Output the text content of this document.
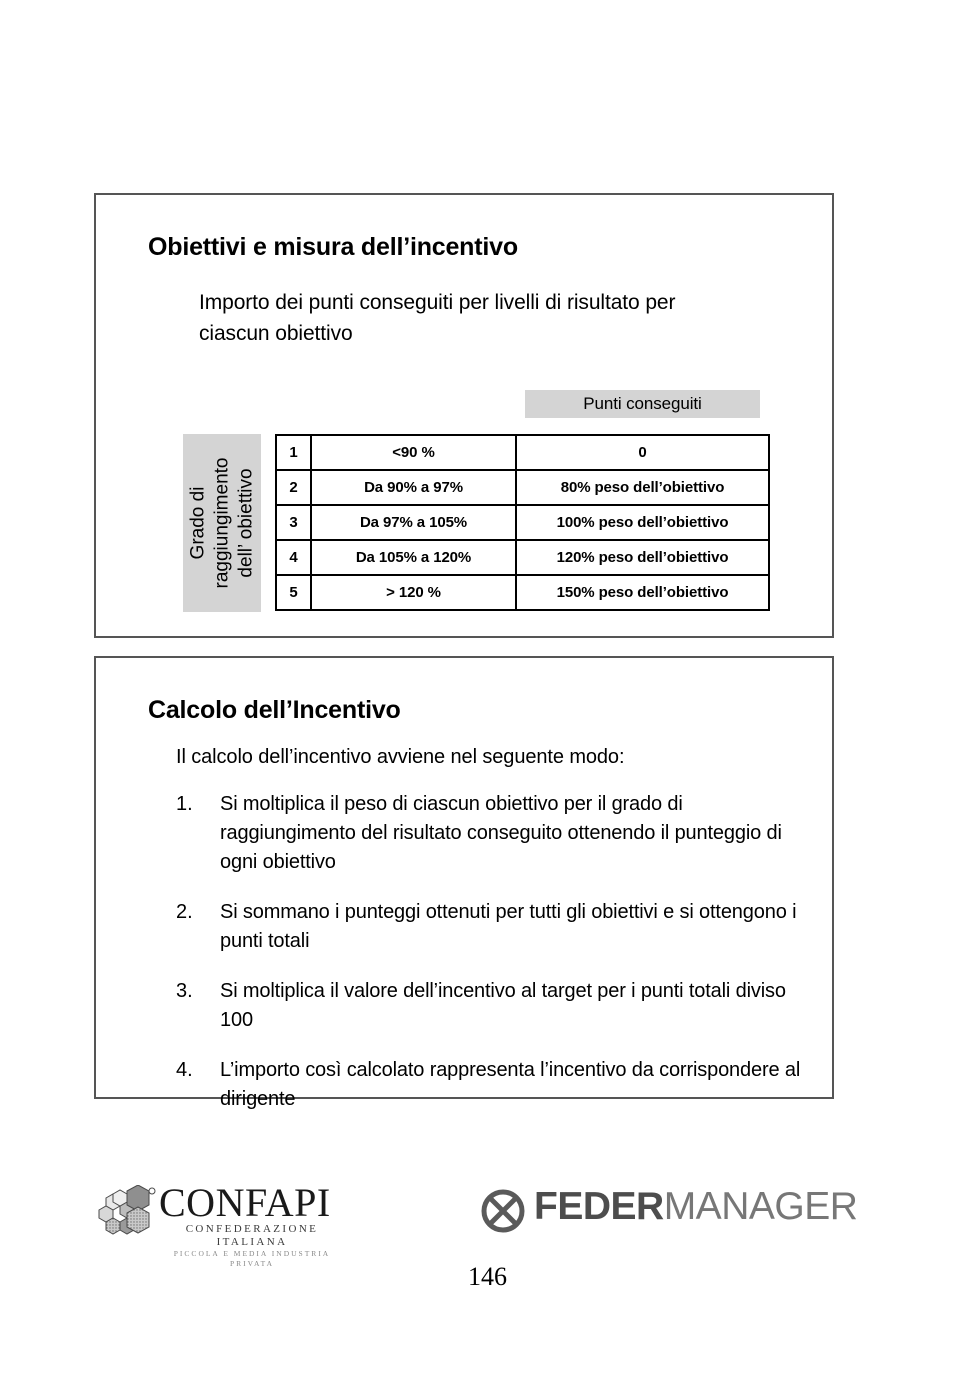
Obiettivi e misura dell’incentivo
Importo dei punti conseguiti per livelli di risultato per ciascun obiettivo
Punti conseguiti
Grado di raggiungimento dell’ obiettivo
1	<90 %	0
2	Da 90% a 97%	80% peso dell’obiettivo
3	Da 97% a 105%	100% peso dell’obiettivo
4	Da 105% a 120%	120% peso dell’obiettivo
5	> 120 %	150% peso dell’obiettivo
Calcolo dell’Incentivo
Il calcolo dell’incentivo avviene nel seguente modo:
1.	Si moltiplica il peso di ciascun obiettivo per il grado di raggiungimento del risultato conseguito ottenendo il punteggio di ogni obiettivo
2.	Si sommano i punteggi ottenuti per tutti gli obiettivi e si ottengono i punti totali
3.	Si moltiplica il valore dell’incentivo al target per i punti totali diviso 100
4.	L’importo così calcolato rappresenta l’incentivo da corrispondere al dirigente
CONFAPI
CONFEDERAZIONE ITALIANA
PICCOLA E MEDIA INDUSTRIA PRIVATA
FEDERMANAGER
146
